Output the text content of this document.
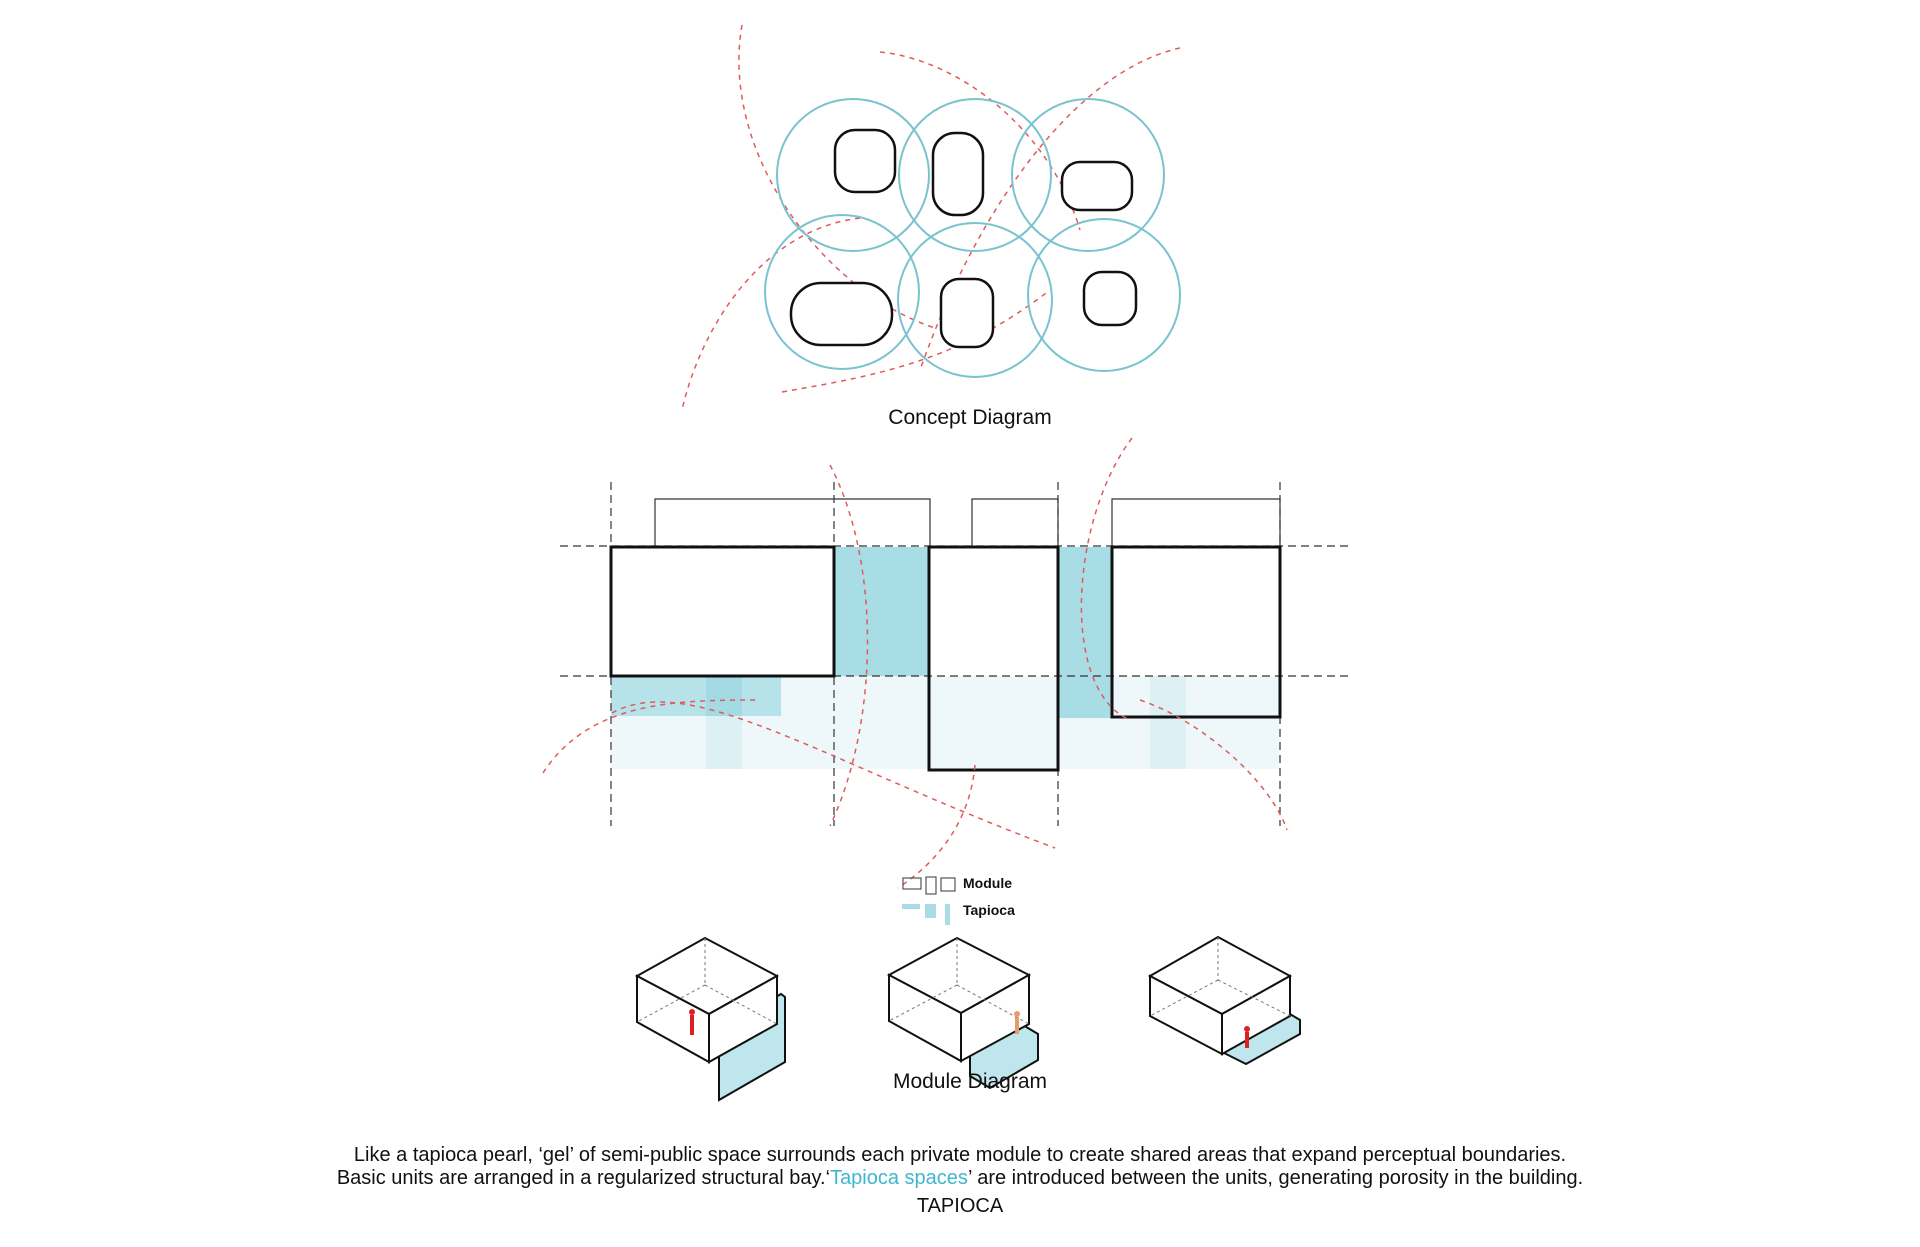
Concept Diagram
Module
Tapioca
Module Diagram
Like a tapioca pearl, ‘gel’ of semi-public space surrounds each private module to create shared areas that expand perceptual boundaries.
Basic units are arranged in a regularized structural bay.‘Tapioca spaces’ are introduced between the units, generating porosity in the building.
TAPIOCA
